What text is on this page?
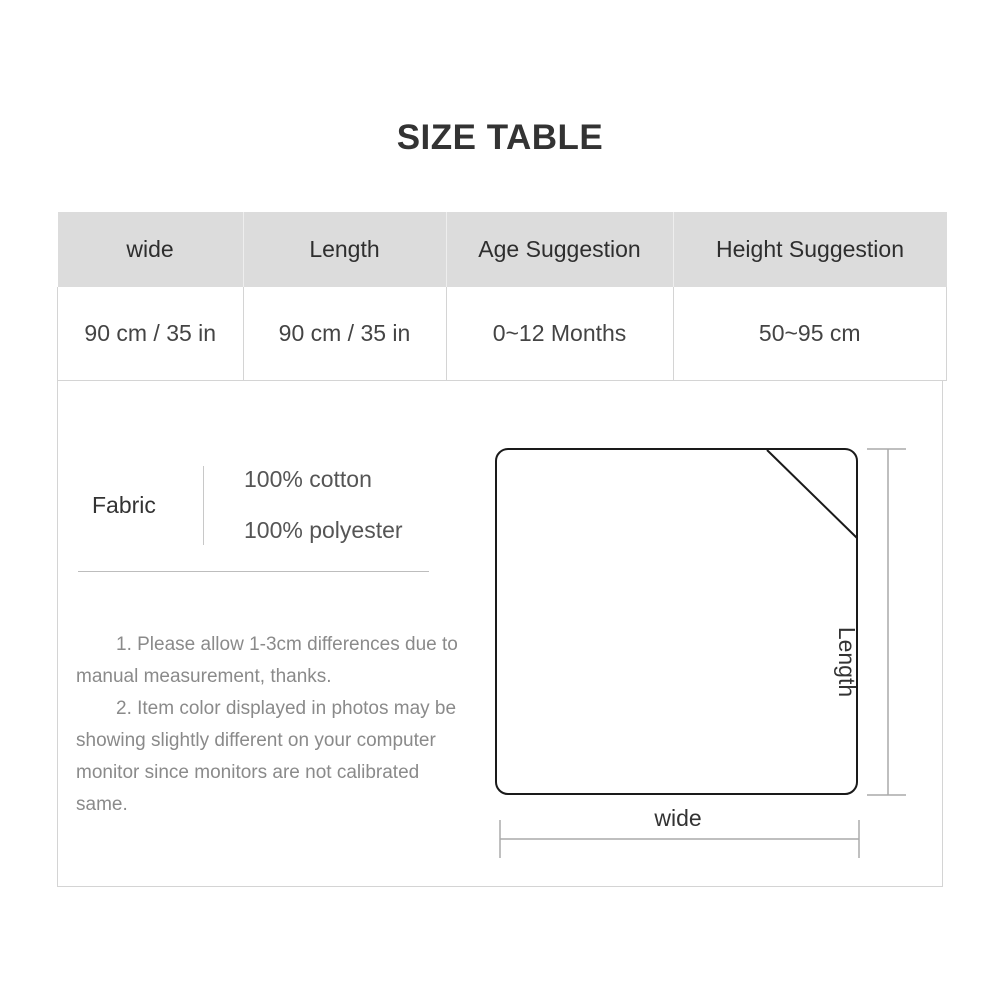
SIZE TABLE
wide	Length	Age Suggestion	Height Suggestion
90 cm / 35 in	90 cm / 35 in	0~12 Months	50~95 cm
Fabric
100% cotton
100% polyester

1. Please allow 1-3cm differences due to manual measurement, thanks.

2. Item color displayed in photos may be showing slightly different on your computer monitor since monitors are not calibrated same.

wide
Length
